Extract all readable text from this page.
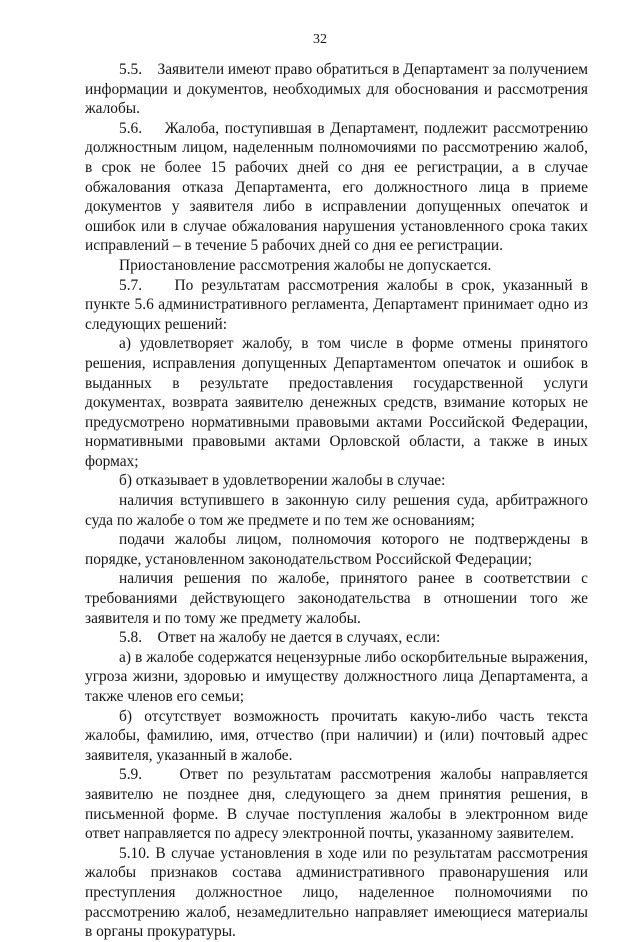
32

5.5.    Заявители имеют право обратиться в Департамент за получением информации и документов, необходимых для обоснования и рассмотрения жалобы.

5.6.    Жалоба, поступившая в Департамент, подлежит рассмотрению должностным лицом, наделенным полномочиями по рассмотрению жалоб, в срок не более 15 рабочих дней со дня ее регистрации, а в случае обжалования отказа Департамента, его должностного лица в приеме документов у заявителя либо в исправлении допущенных опечаток и ошибок или в случае обжалования нарушения установленного срока таких исправлений – в течение 5 рабочих дней со дня ее регистрации.

Приостановление рассмотрения жалобы не допускается.

5.7.    По результатам рассмотрения жалобы в срок, указанный в пункте 5.6 административного регламента, Департамент принимает одно из следующих решений:

а) удовлетворяет жалобу, в том числе в форме отмены принятого решения, исправления допущенных Департаментом опечаток и ошибок в выданных в результате предоставления государственной услуги документах, возврата заявителю денежных средств, взимание которых не предусмотрено нормативными правовыми актами Российской Федерации, нормативными правовыми актами Орловской области, а также в иных формах;

б) отказывает в удовлетворении жалобы в случае:

наличия вступившего в законную силу решения суда, арбитражного суда по жалобе о том же предмете и по тем же основаниям;

подачи жалобы лицом, полномочия которого не подтверждены в порядке, установленном законодательством Российской Федерации;

наличия решения по жалобе, принятого ранее в соответствии с требованиями действующего законодательства в отношении того же заявителя и по тому же предмету жалобы.

5.8.    Ответ на жалобу не дается в случаях, если:

а) в жалобе содержатся нецензурные либо оскорбительные выражения, угроза жизни, здоровью и имуществу должностного лица Департамента, а также членов его семьи;

б) отсутствует возможность прочитать какую-либо часть текста жалобы, фамилию, имя, отчество (при наличии) и (или) почтовый адрес заявителя, указанный в жалобе.

5.9.    Ответ по результатам рассмотрения жалобы направляется заявителю не позднее дня, следующего за днем принятия решения, в письменной форме. В случае поступления жалобы в электронном виде ответ направляется по адресу электронной почты, указанному заявителем.

5.10. В случае установления в ходе или по результатам рассмотрения жалобы признаков состава административного правонарушения или преступления должностное лицо, наделенное полномочиями по рассмотрению жалоб, незамедлительно направляет имеющиеся материалы в органы прокуратуры.
